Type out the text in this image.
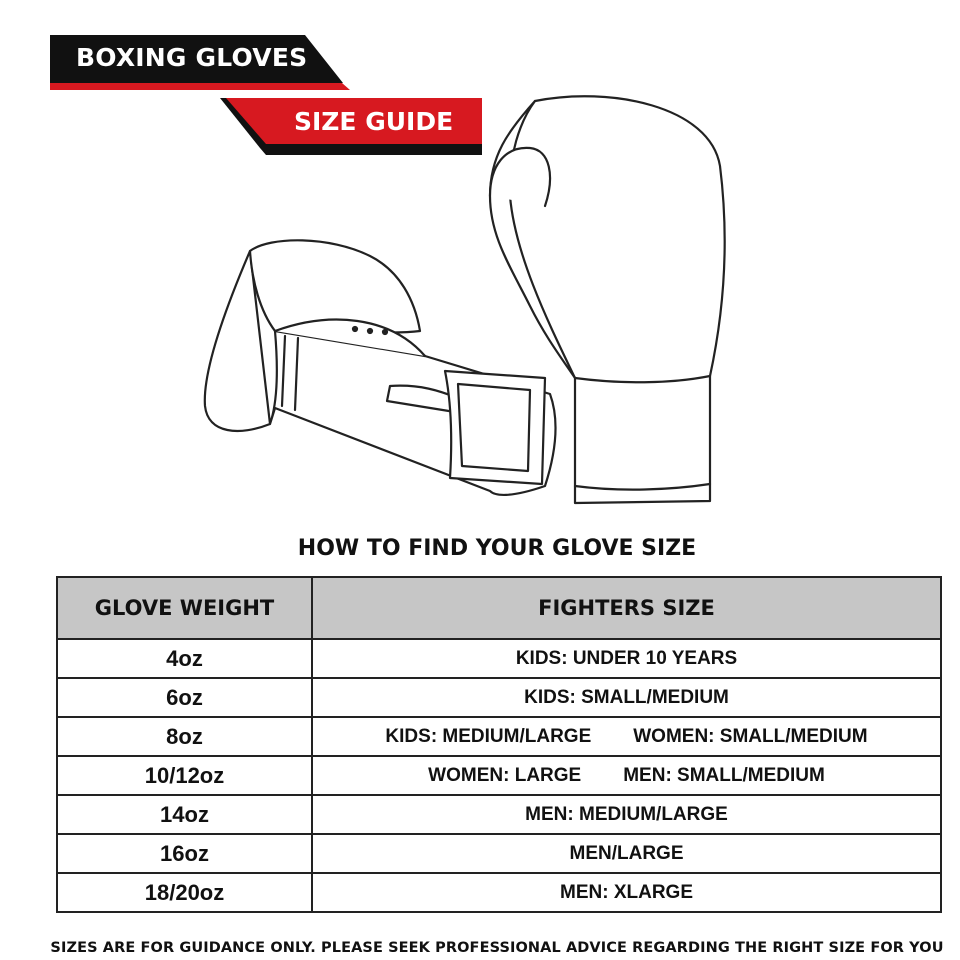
BOXING GLOVES
SIZE GUIDE
HOW TO FIND YOUR GLOVE SIZE
GLOVE WEIGHT	FIGHTERS SIZE
4oz	KIDS: UNDER 10 YEARS
6oz	KIDS: SMALL/MEDIUM
8oz	KIDS: MEDIUM/LARGE WOMEN: SMALL/MEDIUM
10/12oz	WOMEN: LARGE MEN: SMALL/MEDIUM
14oz	MEN: MEDIUM/LARGE
16oz	MEN/LARGE
18/20oz	MEN: XLARGE
SIZES ARE FOR GUIDANCE ONLY. PLEASE SEEK PROFESSIONAL ADVICE REGARDING THE RIGHT SIZE FOR YOU
